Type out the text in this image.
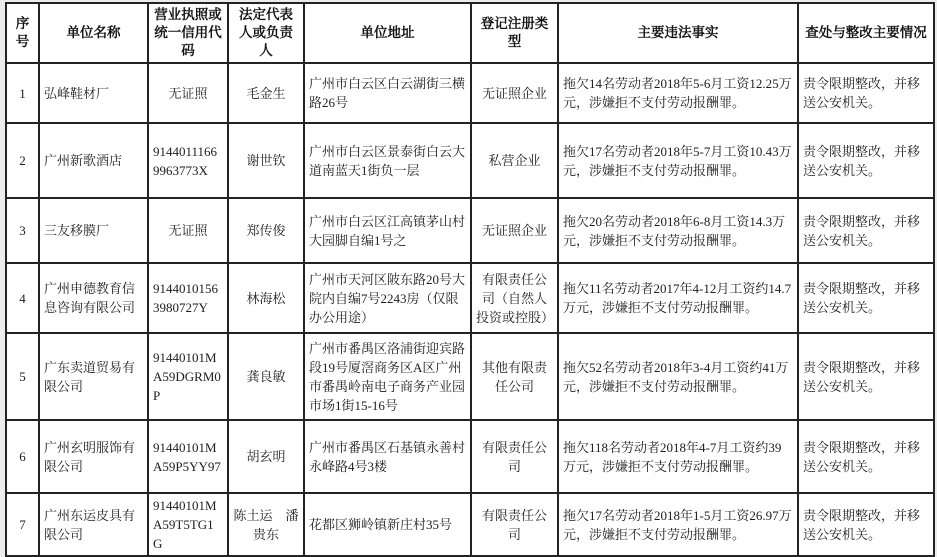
序号	单位名称	营业执照或统一信用代码	法定代表人或负责人	单位地址	登记注册类型	主要违法事实	查处与整改主要情况
1	弘峰鞋材厂	无证照	毛金生	广州市白云区白云湖街三横路26号	无证照企业	拖欠14名劳动者2018年5-6月工资12.25万元，涉嫌拒不支付劳动报酬罪。	责令限期整改，并移送公安机关。
2	广州新歌酒店	91440111669963773X	谢世钦	广州市白云区景泰街白云大道南蓝天1街负一层	私营企业	拖欠17名劳动者2018年5-7月工资10.43万元，涉嫌拒不支付劳动报酬罪。	责令限期整改，并移送公安机关。
3	三友移膜厂	无证照	郑传俊	广州市白云区江高镇茅山村大园脚自编1号之	无证照企业	拖欠20名劳动者2018年6-8月工资14.3万元，涉嫌拒不支付劳动报酬罪。	责令限期整改，并移送公安机关。
4	广州申德教育信息咨询有限公司	91440101563980727Y	林海松	广州市天河区陂东路20号大院内自编7号2243房（仅限办公用途）	有限责任公司（自然人投资或控股）	拖欠11名劳动者2017年4-12月工资约14.7万元，涉嫌拒不支付劳动报酬罪。	责令限期整改，并移送公安机关。
5	广东卖道贸易有限公司	91440101MA59DGRM0P	龚良敏	广州市番禺区洛浦街迎宾路段19号厦滘商务区A区广州市番禺岭南电子商务产业园市场1街15-16号	其他有限责任公司	拖欠52名劳动者2018年3-4月工资约41万元，涉嫌拒不支付劳动报酬罪。	责令限期整改，并移送公安机关。
6	广州玄明服饰有限公司	91440101MA59P5YY97	胡玄明	广州市番禺区石基镇永善村永峰路4号3楼	有限责任公司	拖欠118名劳动者2018年4-7月工资约39万元，涉嫌拒不支付劳动报酬罪。	责令限期整改，并移送公安机关。
7	广州东运皮具有限公司	91440101MA59T5TG1G	陈土运　潘贵东	花都区狮岭镇新庄村35号	有限责任公司	拖欠17名劳动者2018年1-5月工资26.97万元，涉嫌拒不支付劳动报酬罪。	责令限期整改，并移送公安机关。
